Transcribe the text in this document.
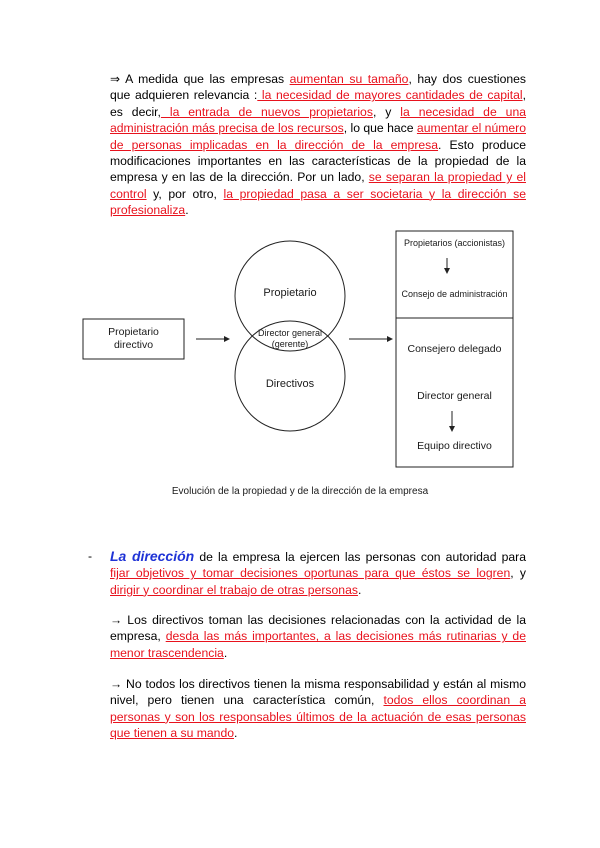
⇒ A medida que las empresas aumentan su tamaño, hay dos cuestiones que adquieren relevancia : la necesidad de mayores cantidades de capital, es decir, la entrada de nuevos propietarios, y la necesidad de una administración más precisa de los recursos, lo que hace aumentar el número de personas implicadas en la dirección de la empresa. Esto produce modificaciones importantes en las características de la propiedad de la empresa y en las de la dirección. Por un lado, se separan la propiedad y el control y, por otro, la propiedad pasa a ser societaria y la dirección se profesionaliza.

Propietario
directivo
Propietario
Director general
(gerente)
Directivos
Propietarios (accionistas)
Consejo de administración
Consejero delegado
Director general
Equipo directivo
Evolución de la propiedad y de la dirección de la empresa
- La dirección de la empresa la ejercen las personas con autoridad para fijar objetivos y tomar decisiones oportunas para que éstos se logren, y dirigir y coordinar el trabajo de otras personas.

→ Los directivos toman las decisiones relacionadas con la actividad de la empresa, desda las más importantes, a las decisiones más rutinarias y de menor trascendencia.

→ No todos los directivos tienen la misma responsabilidad y están al mismo nivel, pero tienen una característica común, todos ellos coordinan a personas y son los responsables últimos de la actuación de esas personas que tienen a su mando.
